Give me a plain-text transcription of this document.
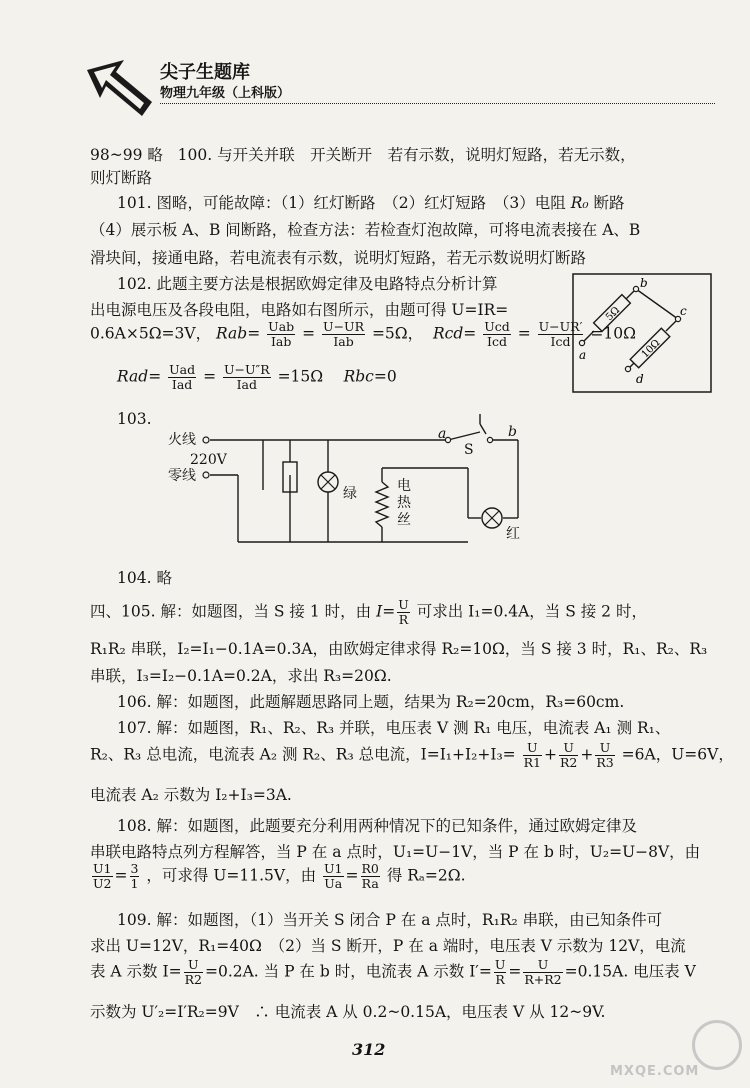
尖子生题库
物理九年级（上科版）
98~99 略 100. 与开关并联　开关断开　若有示数，说明灯短路，若无示数，
则灯断路
101. 图略，可能故障：（1）红灯断路　（2）红灯短路　（3）电阻 R₀ 断路
（4）展示板 A、B 间断路，检查方法：若检查灯泡故障，可将电流表接在 A、B
滑块间，接通电路，若电流表有示数，说明灯短路，若无示数说明灯断路
102. 此题主要方法是根据欧姆定律及电路特点分析计算
出电源电压及各段电阻，电路如右图所示，由题可得 U=IR=
0.6A×5Ω=3V， $Rab= \frac{\text{Uab}}{\text{Iab}} = \frac{U-UR}{\text{Iab}} =5\Omega$， $Rcd= \frac{\text{Ucd}}{\text{Icd}} = \frac{U-UR'}{\text{Icd}} =10\Omega$
$Rad= \frac{\text{Uad}}{\text{Iad}} = \frac{U-U''R}{\text{Iad}} =15\Omega$　 Rbc=0
5Ω
10Ω
a
b
c
d
103.
火线
220V
零线
绿	电
热
丝
红
a	b
S
104. 略
四、105. 解：如题图，当 S 接 1 时，由 $I= \frac{U}{R}$ 可求出 I₁=0.4A，当 S 接 2 时，
R₁R₂ 串联，I₂=I₁−0.1A=0.3A，由欧姆定律求得 R₂=10Ω，当 S 接 3 时，R₁、R₂、R₃
串联，I₃=I₂−0.1A=0.2A，求出 R₃=20Ω.
106. 解：如题图，此题解题思路同上题，结果为 R₂=20cm，R₃=60cm.
107. 解：如题图，R₁、R₂、R₃ 并联，电压表 V 测 R₁ 电压，电流表 A₁ 测 R₁、
R₂、R₃ 总电流，电流表 A₂ 测 R₂、R₃ 总电流，$I=I_1+I_2+I_3= \frac{U}{R1} + \frac{U}{R2} + \frac{U}{R3} =6A$，U=6V，
电流表 A₂ 示数为 I₂+I₃=3A.
108. 解：如题图，此题要充分利用两种情况下的已知条件，通过欧姆定律及
串联电路特点列方程解答，当 P 在 a 点时，U₁=U−1V，当 P 在 b 时，U₂=U−8V，由
$\frac{U1}{U2} = \frac{3}{1}$ ，可求得 U=11.5V，由 $\frac{U1}{Ua} = \frac{R0}{Ra}$ 得 Rₐ=2Ω.
109. 解：如题图，（1）当开关 S 闭合 P 在 a 点时，R₁R₂ 串联，由已知条件可
求出 U=12V，R₁=40Ω　（2）当 S 断开，P 在 a 端时，电压表 V 示数为 12V，电流
表 A 示数 $I= \frac{U}{R2} =0.2A$. 当 P 在 b 时，电流表 A 示数 $I'= \frac{U}{R} = \frac{U}{R+R2} =0.15A$. 电压表 V
示数为 U′₂=I′R₂=9V　∴ 电流表 A 从 0.2~0.15A，电压表 V 从 12~9V.
312
MXQE.COM
